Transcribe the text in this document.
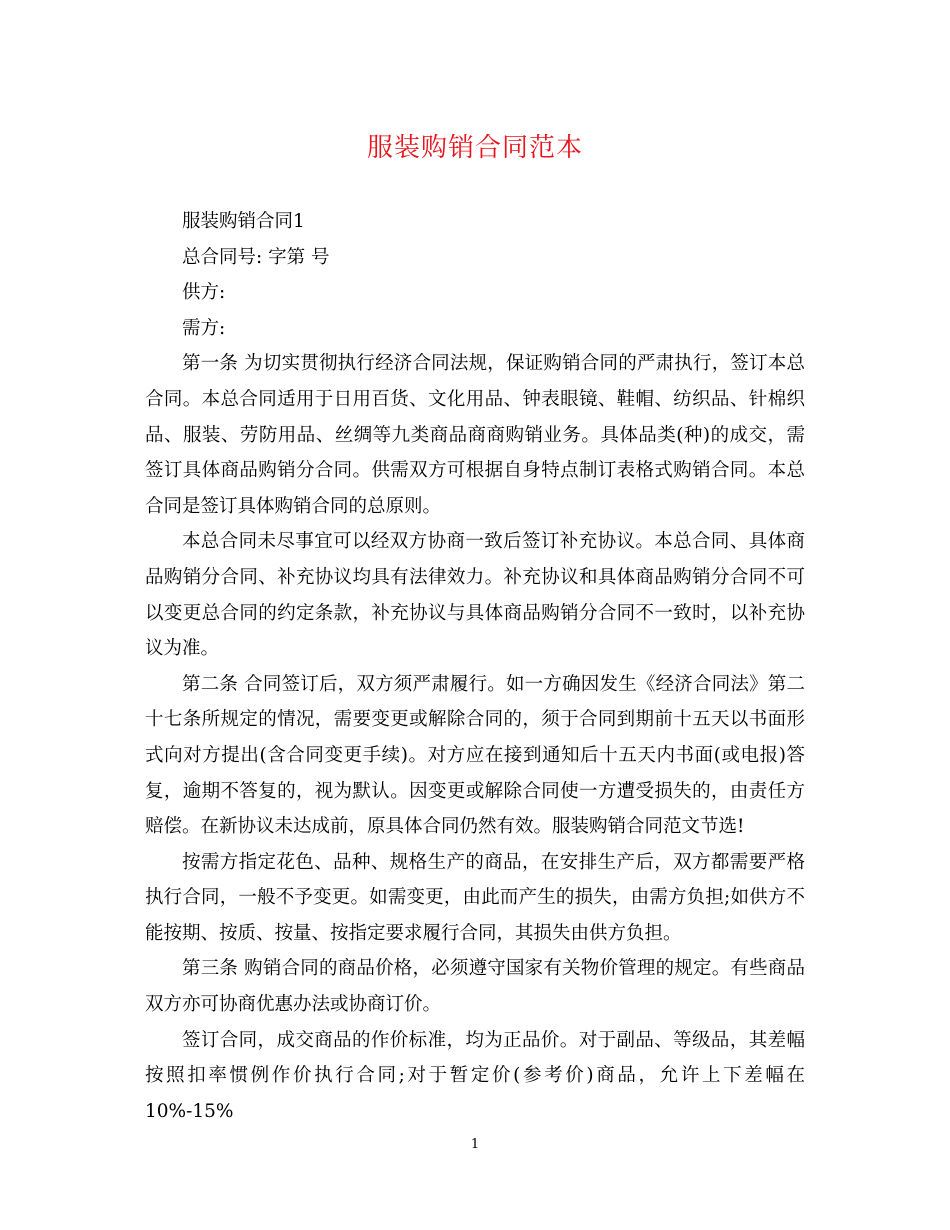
服装购销合同范本

服装购销合同1

总合同号: 字第 号

供方:

需方:

第一条 为切实贯彻执行经济合同法规，保证购销合同的严肃执行，签订本总合同。本总合同适用于日用百货、文化用品、钟表眼镜、鞋帽、纺织品、针棉织品、服装、劳防用品、丝绸等九类商品商商购销业务。具体品类(种)的成交，需签订具体商品购销分合同。供需双方可根据自身特点制订表格式购销合同。本总合同是签订具体购销合同的总原则。

本总合同未尽事宜可以经双方协商一致后签订补充协议。本总合同、具体商品购销分合同、补充协议均具有法律效力。补充协议和具体商品购销分合同不可以变更总合同的约定条款，补充协议与具体商品购销分合同不一致时，以补充协议为准。

第二条 合同签订后，双方须严肃履行。如一方确因发生《经济合同法》第二十七条所规定的情况，需要变更或解除合同的，须于合同到期前十五天以书面形式向对方提出(含合同变更手续)。对方应在接到通知后十五天内书面(或电报)答复，逾期不答复的，视为默认。因变更或解除合同使一方遭受损失的，由责任方赔偿。在新协议未达成前，原具体合同仍然有效。服装购销合同范文节选!

按需方指定花色、品种、规格生产的商品，在安排生产后，双方都需要严格执行合同，一般不予变更。如需变更，由此而产生的损失，由需方负担;如供方不能按期、按质、按量、按指定要求履行合同，其损失由供方负担。

第三条 购销合同的商品价格，必须遵守国家有关物价管理的规定。有些商品双方亦可协商优惠办法或协商订价。

签订合同，成交商品的作价标准，均为正品价。对于副品、等级品，其差幅按照扣率惯例作价执行合同;对于暂定价(参考价)商品，允许上下差幅在10%-15%

1
